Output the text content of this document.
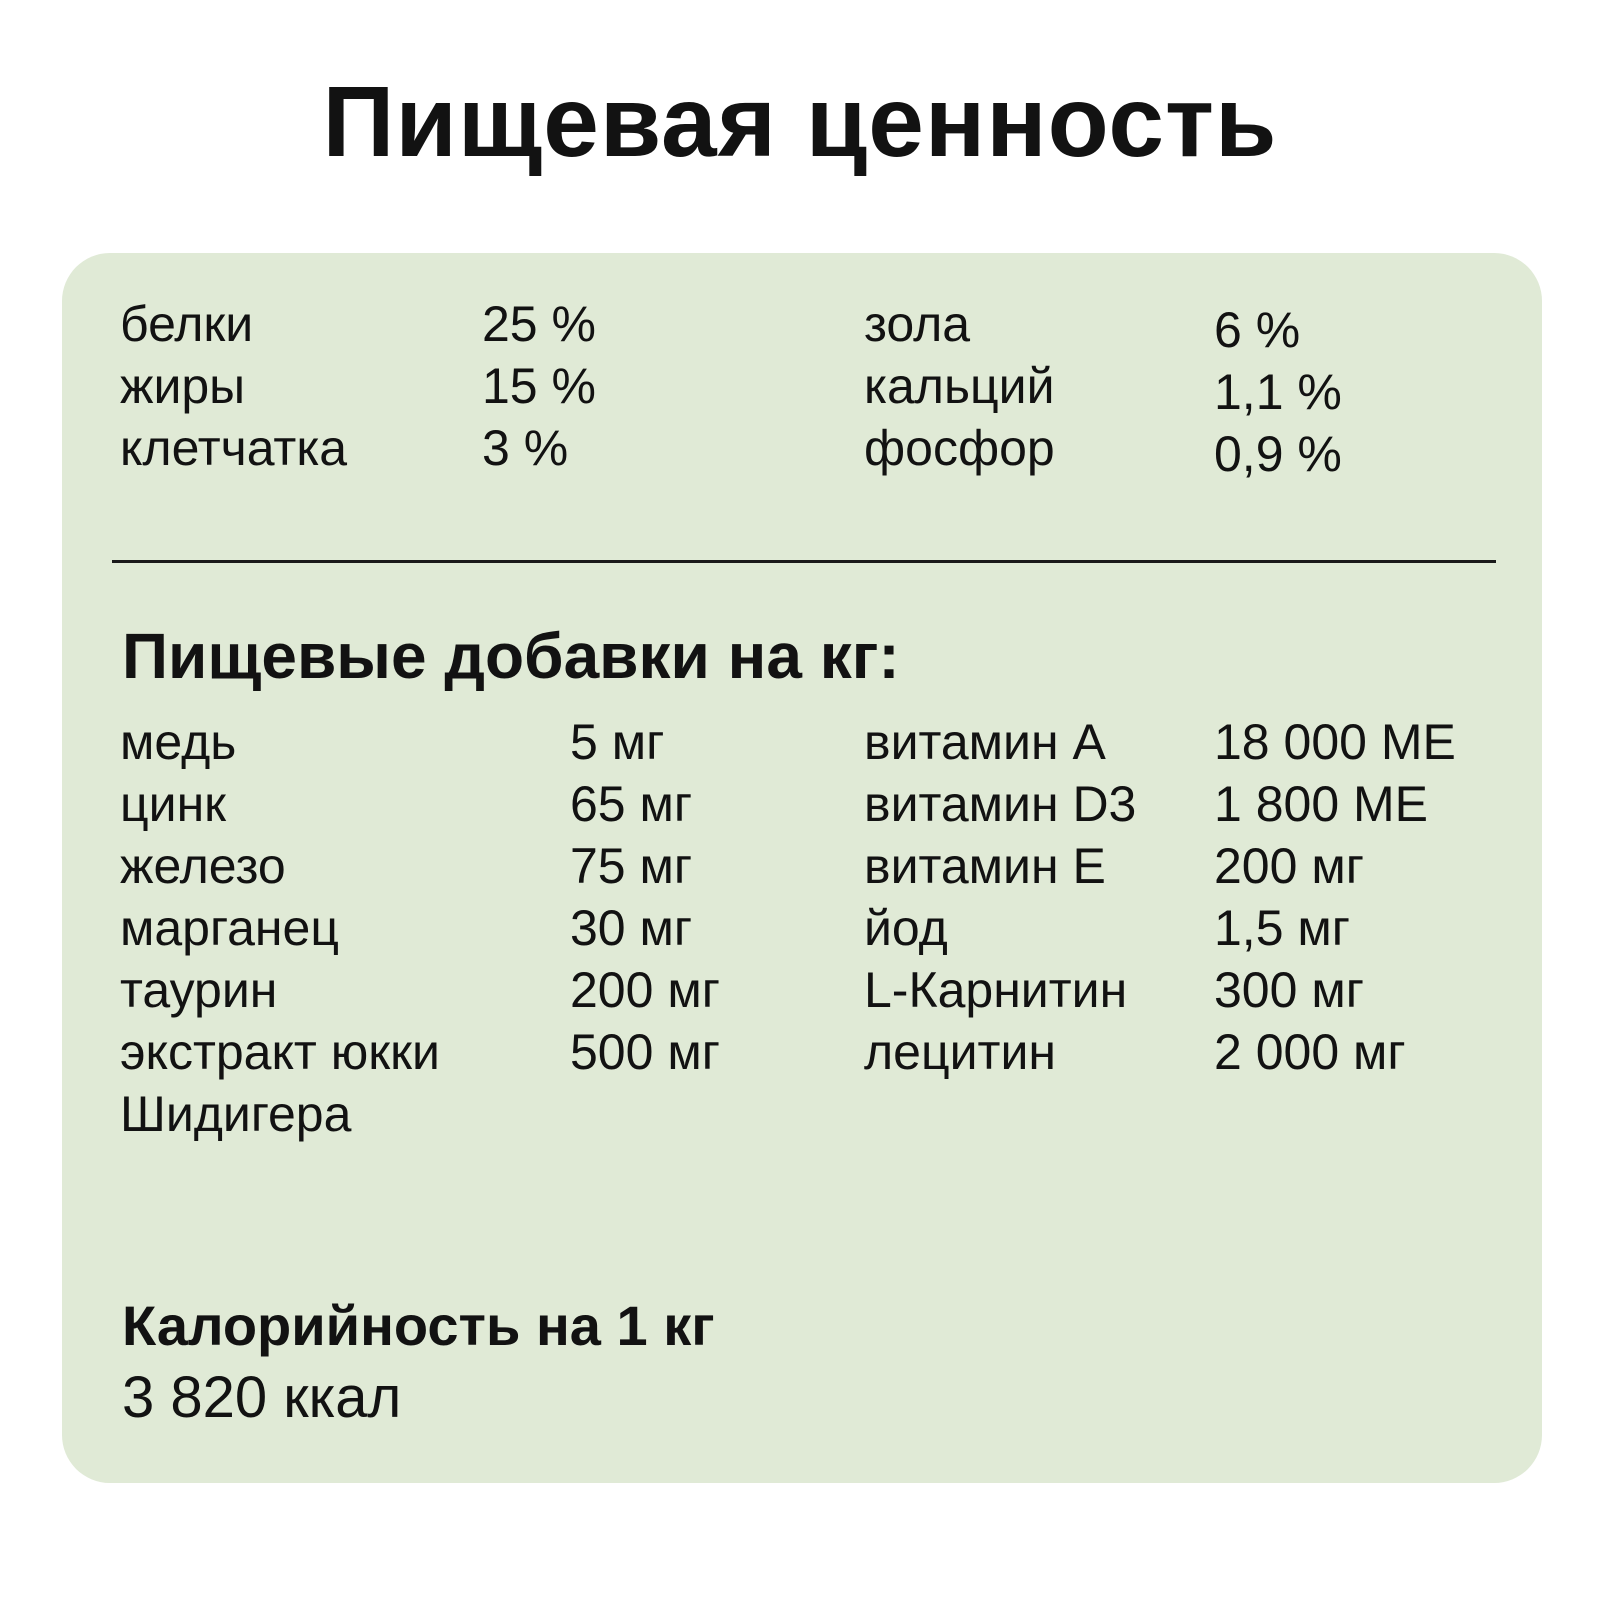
Пищевая ценность
белки
жиры
клетчатка
25 %
15 %
3 %
зола
кальций
фосфор
6 %
1,1 %
0,9 %
Пищевые добавки на кг:
медь
цинк
железо
марганец
таурин
экстракт юкки
Шидигера
5 мг
65 мг
75 мг
30 мг
200 мг
500 мг
витамин A
витамин D3
витамин E
йод
L-Карнитин
лецитин
18 000 МЕ
1 800 МЕ
200 мг
1,5 мг
300 мг
2 000 мг
Калорийность на 1 кг
3 820 ккал
